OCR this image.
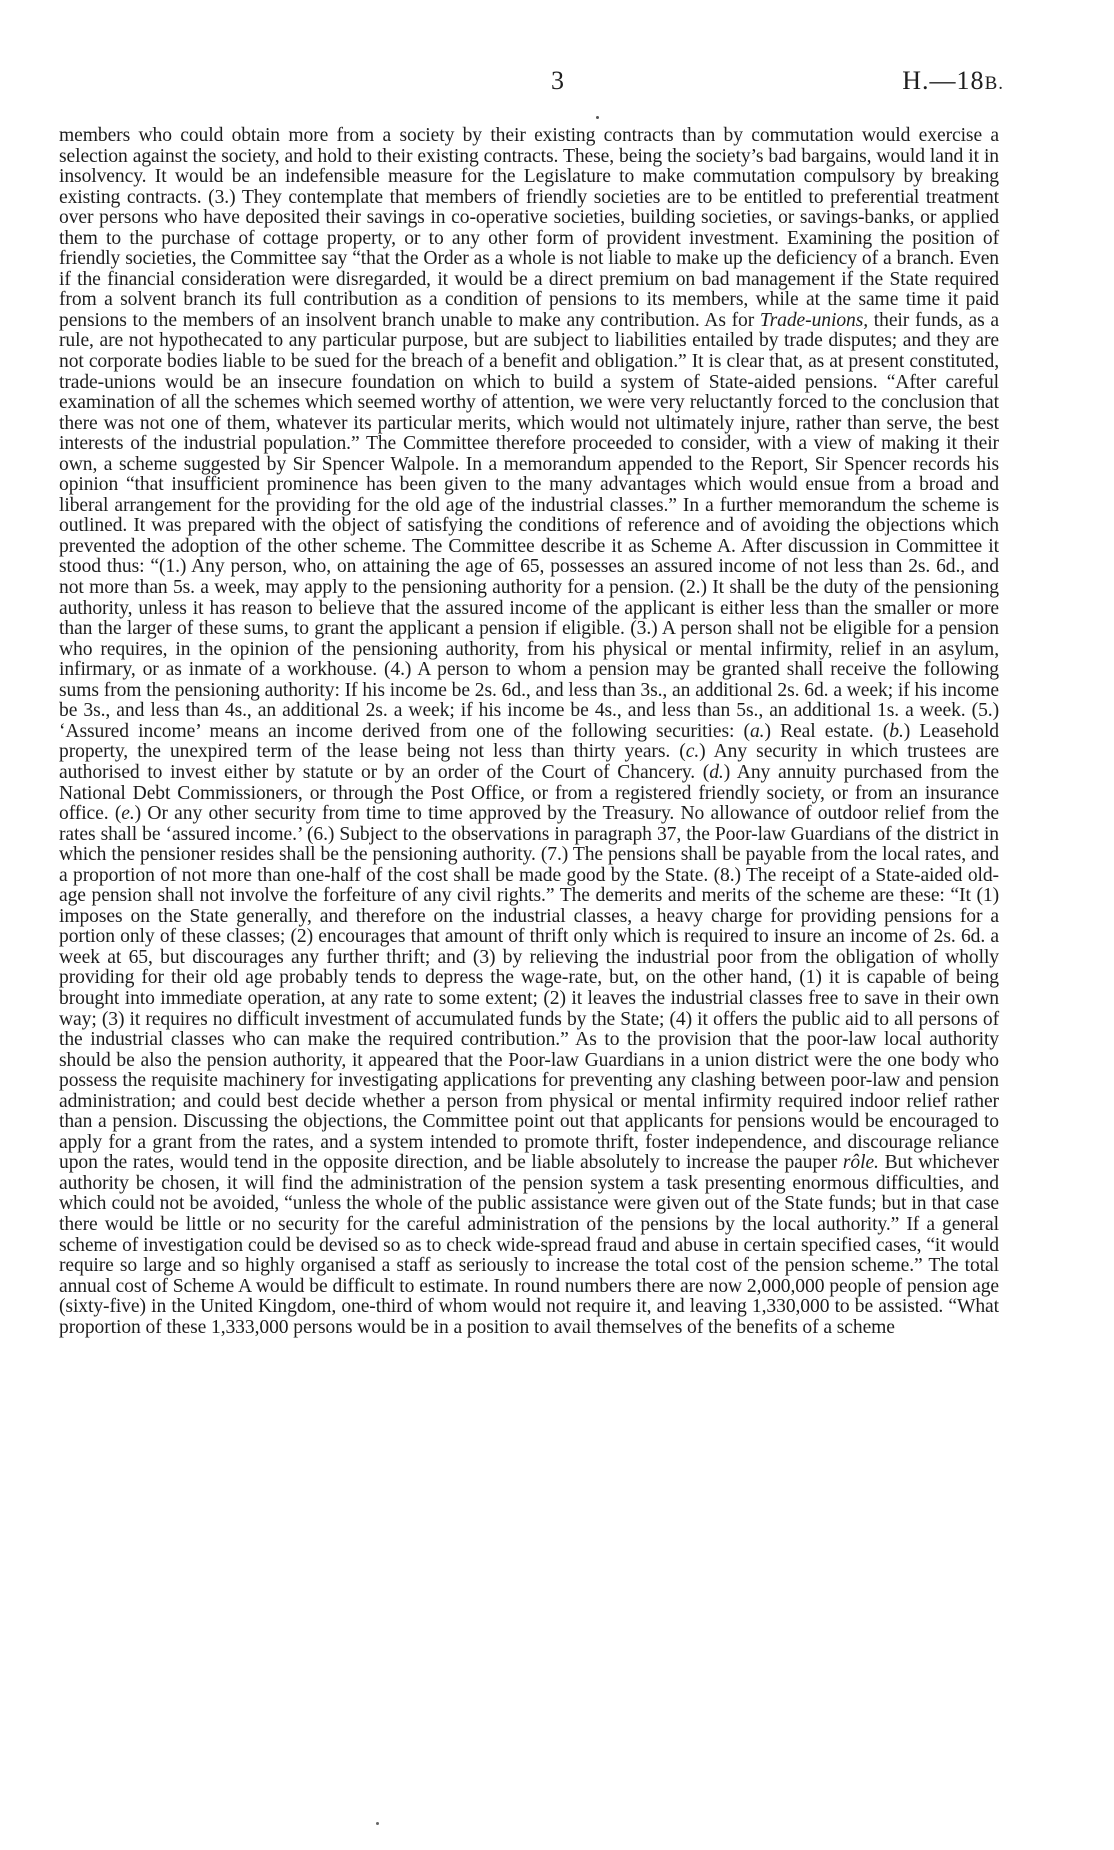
3	H.—18B.
members who could obtain more from a society by their existing contracts than by commutation would exercise a selection against the society, and hold to their existing contracts. These, being the society’s bad bargains, would land it in insolvency. It would be an indefensible measure for the Legislature to make commutation compulsory by breaking existing contracts. (3.) They contemplate that members of friendly societies are to be entitled to preferential treatment over persons who have deposited their savings in co-operative societies, building societies, or savings-banks, or applied them to the purchase of cottage property, or to any other form of provident investment. Examining the position of friendly societies, the Committee say “that the Order as a whole is not liable to make up the deficiency of a branch. Even if the financial consideration were disregarded, it would be a direct premium on bad management if the State required from a solvent branch its full contribution as a condition of pensions to its members, while at the same time it paid pensions to the members of an insolvent branch unable to make any contribution. As for Trade-unions, their funds, as a rule, are not hypothecated to any particular purpose, but are subject to liabilities entailed by trade disputes; and they are not corporate bodies liable to be sued for the breach of a benefit and obligation.” It is clear that, as at present constituted, trade-unions would be an insecure foundation on which to build a system of State-aided pensions. “After careful examination of all the schemes which seemed worthy of attention, we were very reluctantly forced to the conclusion that there was not one of them, whatever its particular merits, which would not ultimately injure, rather than serve, the best interests of the industrial population.” The Committee therefore proceeded to consider, with a view of making it their own, a scheme suggested by Sir Spencer Walpole. In a memorandum appended to the Report, Sir Spencer records his opinion “that insufficient prominence has been given to the many advantages which would ensue from a broad and liberal arrangement for the providing for the old age of the industrial classes.” In a further memorandum the scheme is outlined. It was prepared with the object of satisfying the conditions of reference and of avoiding the objections which prevented the adoption of the other scheme. The Committee describe it as Scheme A. After discussion in Committee it stood thus: “(1.) Any person, who, on attaining the age of 65, possesses an assured income of not less than 2s. 6d., and not more than 5s. a week, may apply to the pensioning authority for a pension. (2.) It shall be the duty of the pensioning authority, unless it has reason to believe that the assured income of the applicant is either less than the smaller or more than the larger of these sums, to grant the applicant a pension if eligible. (3.) A person shall not be eligible for a pension who requires, in the opinion of the pensioning authority, from his physical or mental infirmity, relief in an asylum, infirmary, or as inmate of a workhouse. (4.) A person to whom a pension may be granted shall receive the following sums from the pensioning authority: If his income be 2s. 6d., and less than 3s., an additional 2s. 6d. a week; if his income be 3s., and less than 4s., an additional 2s. a week; if his income be 4s., and less than 5s., an additional 1s. a week. (5.) ‘Assured income’ means an income derived from one of the following securities: (a.) Real estate. (b.) Leasehold property, the unexpired term of the lease being not less than thirty years. (c.) Any security in which trustees are authorised to invest either by statute or by an order of the Court of Chancery. (d.) Any annuity purchased from the National Debt Commissioners, or through the Post Office, or from a registered friendly society, or from an insurance office. (e.) Or any other security from time to time approved by the Treasury. No allowance of outdoor relief from the rates shall be ‘assured income.’ (6.) Subject to the observations in paragraph 37, the Poor-law Guardians of the district in which the pensioner resides shall be the pensioning authority. (7.) The pensions shall be payable from the local rates, and a proportion of not more than one-half of the cost shall be made good by the State. (8.) The receipt of a State-aided old-age pension shall not involve the forfeiture of any civil rights.” The demerits and merits of the scheme are these: “It (1) imposes on the State generally, and therefore on the industrial classes, a heavy charge for providing pensions for a portion only of these classes; (2) encourages that amount of thrift only which is required to insure an income of 2s. 6d. a week at 65, but discourages any further thrift; and (3) by relieving the industrial poor from the obligation of wholly providing for their old age probably tends to depress the wage-rate, but, on the other hand, (1) it is capable of being brought into immediate operation, at any rate to some extent; (2) it leaves the industrial classes free to save in their own way; (3) it requires no difficult investment of accumulated funds by the State; (4) it offers the public aid to all persons of the industrial classes who can make the required contribution.” As to the provision that the poor-law local authority should be also the pension authority, it appeared that the Poor-law Guardians in a union district were the one body who possess the requisite machinery for investigating applications for preventing any clashing between poor-law and pension administration; and could best decide whether a person from physical or mental infirmity required indoor relief rather than a pension. Discussing the objections, the Committee point out that applicants for pensions would be encouraged to apply for a grant from the rates, and a system intended to promote thrift, foster independence, and discourage reliance upon the rates, would tend in the opposite direction, and be liable absolutely to increase the pauper rôle. But whichever authority be chosen, it will find the administration of the pension system a task presenting enormous difficulties, and which could not be avoided, “unless the whole of the public assistance were given out of the State funds; but in that case there would be little or no security for the careful administration of the pensions by the local authority.” If a general scheme of investigation could be devised so as to check wide-spread fraud and abuse in certain specified cases, “it would require so large and so highly organised a staff as seriously to increase the total cost of the pension scheme.” The total annual cost of Scheme A would be difficult to estimate. In round numbers there are now 2,000,000 people of pension age (sixty-five) in the United Kingdom, one-third of whom would not require it, and leaving 1,330,000 to be assisted. “What proportion of these 1,333,000 persons would be in a position to avail themselves of the benefits of a scheme
